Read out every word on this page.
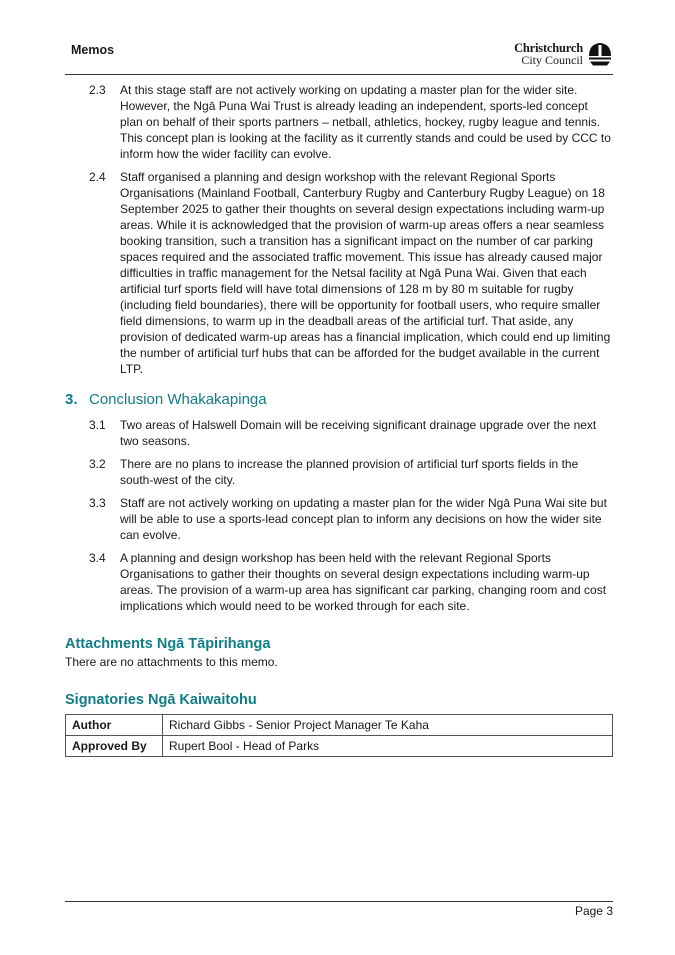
Memos	Christchurch
City Council
2.3 At this stage staff are not actively working on updating a master plan for the wider site. However, the Ngā Puna Wai Trust is already leading an independent, sports-led concept plan on behalf of their sports partners – netball, athletics, hockey, rugby league and tennis. This concept plan is looking at the facility as it currently stands and could be used by CCC to inform how the wider facility can evolve.
2.4 Staff organised a planning and design workshop with the relevant Regional Sports Organisations (Mainland Football, Canterbury Rugby and Canterbury Rugby League) on 18 September 2025 to gather their thoughts on several design expectations including warm-up areas. While it is acknowledged that the provision of warm-up areas offers a near seamless booking transition, such a transition has a significant impact on the number of car parking spaces required and the associated traffic movement. This issue has already caused major difficulties in traffic management for the Netsal facility at Ngā Puna Wai. Given that each artificial turf sports field will have total dimensions of 128 m by 80 m suitable for rugby (including field boundaries), there will be opportunity for football users, who require smaller field dimensions, to warm up in the deadball areas of the artificial turf. That aside, any provision of dedicated warm-up areas has a financial implication, which could end up limiting the number of artificial turf hubs that can be afforded for the budget available in the current LTP.
3. Conclusion Whakakapinga
3.1 Two areas of Halswell Domain will be receiving significant drainage upgrade over the next two seasons.
3.2 There are no plans to increase the planned provision of artificial turf sports fields in the south-west of the city.
3.3 Staff are not actively working on updating a master plan for the wider Ngā Puna Wai site but will be able to use a sports-lead concept plan to inform any decisions on how the wider site can evolve.
3.4 A planning and design workshop has been held with the relevant Regional Sports Organisations to gather their thoughts on several design expectations including warm-up areas. The provision of a warm-up area has significant car parking, changing room and cost implications which would need to be worked through for each site.
Attachments Ngā Tāpirihanga
There are no attachments to this memo.
Signatories Ngā Kaiwaitohu
Author	Richard Gibbs - Senior Project Manager Te Kaha
Approved By	Rupert Bool - Head of Parks
Page 3
